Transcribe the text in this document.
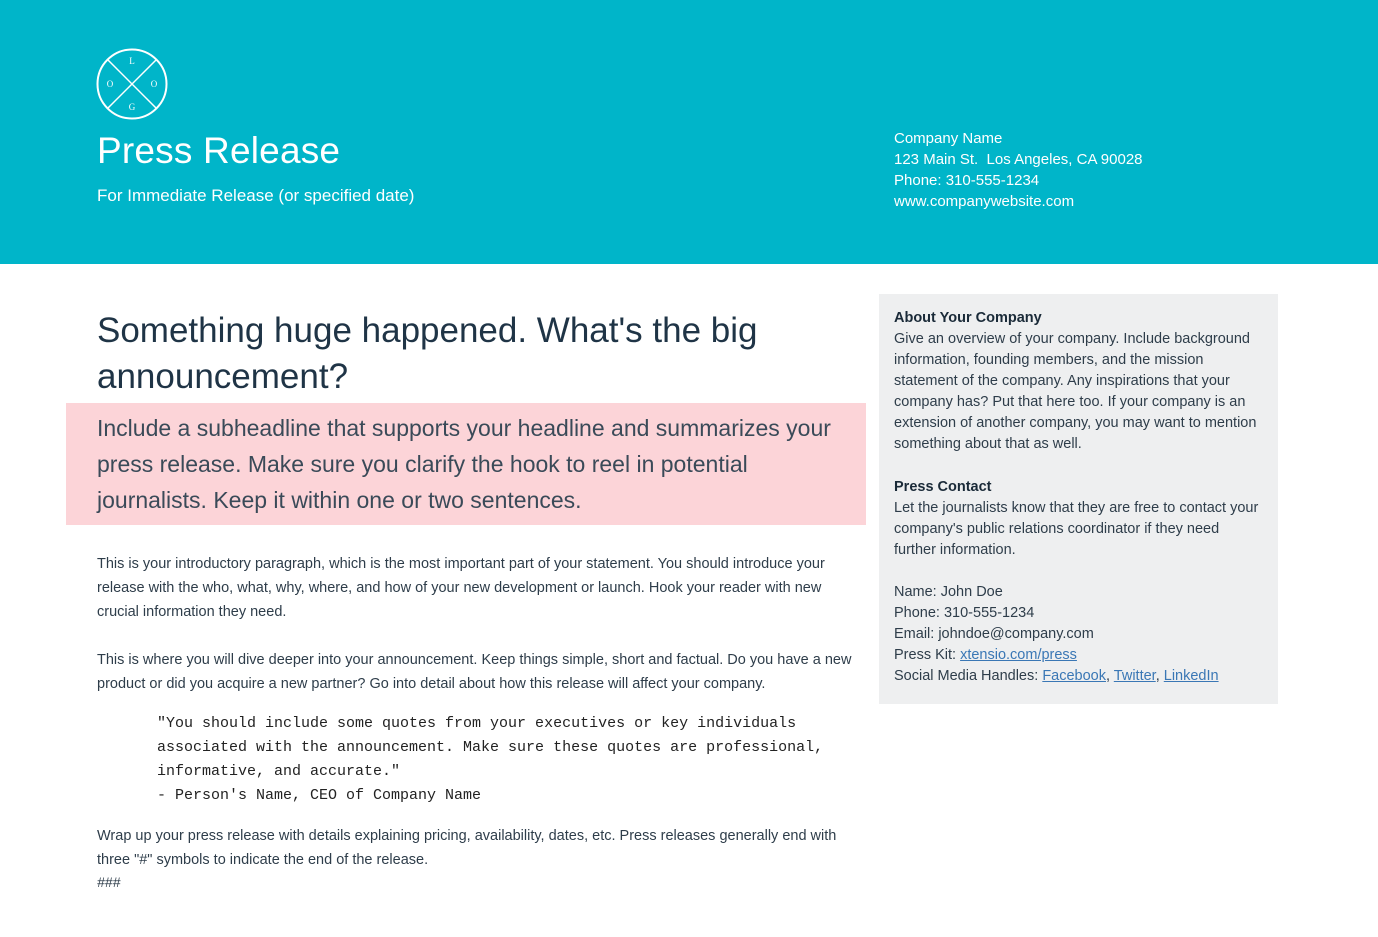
L
O	O
G
Press Release
For Immediate Release (or specified date)
Company Name
123 Main St.  Los Angeles, CA 90028
Phone: 310-555-1234
www.companywebsite.com
Something huge happened. What's the big announcement?

Include a subheadline that supports your headline and summarizes your press release. Make sure you clarify the hook to reel in potential journalists. Keep it within one or two sentences.

This is your introductory paragraph, which is the most important part of your statement. You should introduce your release with the who, what, why, where, and how of your new development or launch. Hook your reader with new crucial information they need.

This is where you will dive deeper into your announcement. Keep things simple, short and factual. Do you have a new product or did you acquire a new partner? Go into detail about how this release will affect your company.

"You should include some quotes from your executives or key individuals associated with the announcement. Make sure these quotes are professional, informative, and accurate."
- Person's Name, CEO of Company Name

Wrap up your press release with details explaining pricing, availability, dates, etc. Press releases generally end with three "#" symbols to indicate the end of the release.

###

About Your Company

Give an overview of your company. Include background information, founding members, and the mission statement of the company. Any inspirations that your company has? Put that here too. If your company is an extension of another company, you may want to mention something about that as well.

Press Contact

Let the journalists know that they are free to contact your company's public relations coordinator if they need further information.

Name: John Doe

Phone: 310-555-1234

Email: johndoe@company.com

Press Kit: xtensio.com/press

Social Media Handles: Facebook, Twitter, LinkedIn
